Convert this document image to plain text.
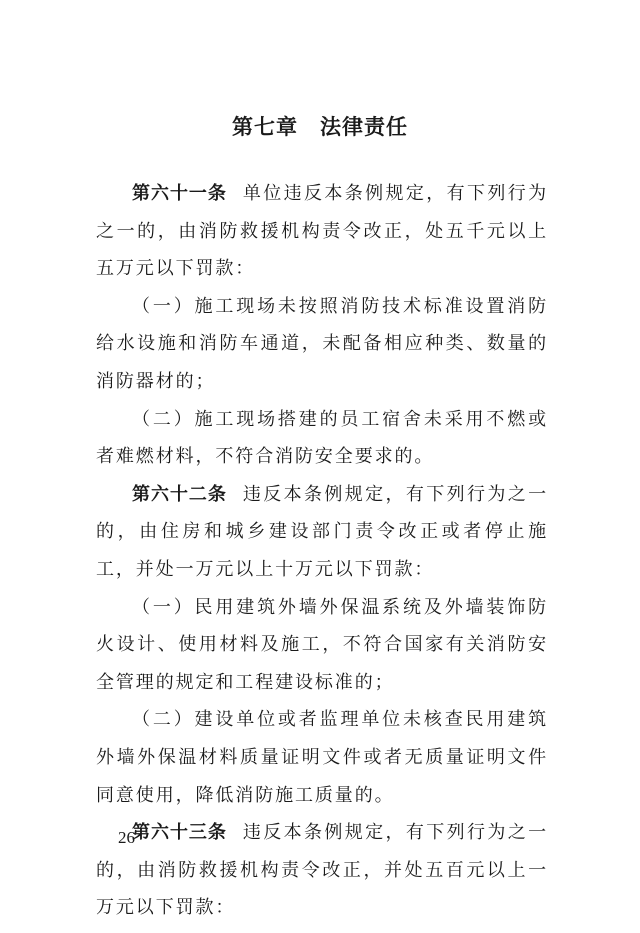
第七章 法律责任

第六十一条 单位违反本条例规定，有下列行为之一的，由消防救援机构责令改正，处五千元以上五万元以下罚款：

（一）施工现场未按照消防技术标准设置消防给水设施和消防车通道，未配备相应种类、数量的消防器材的；

（二）施工现场搭建的员工宿舍未采用不燃或者难燃材料，不符合消防安全要求的。

第六十二条 违反本条例规定，有下列行为之一的，由住房和城乡建设部门责令改正或者停止施工，并处一万元以上十万元以下罚款：

（一）民用建筑外墙外保温系统及外墙装饰防火设计、使用材料及施工，不符合国家有关消防安全管理的规定和工程建设标准的；

（二）建设单位或者监理单位未核查民用建筑外墙外保温材料质量证明文件或者无质量证明文件同意使用，降低消防施工质量的。

第六十三条 违反本条例规定，有下列行为之一的，由消防救援机构责令改正，并处五百元以上一万元以下罚款：

26
